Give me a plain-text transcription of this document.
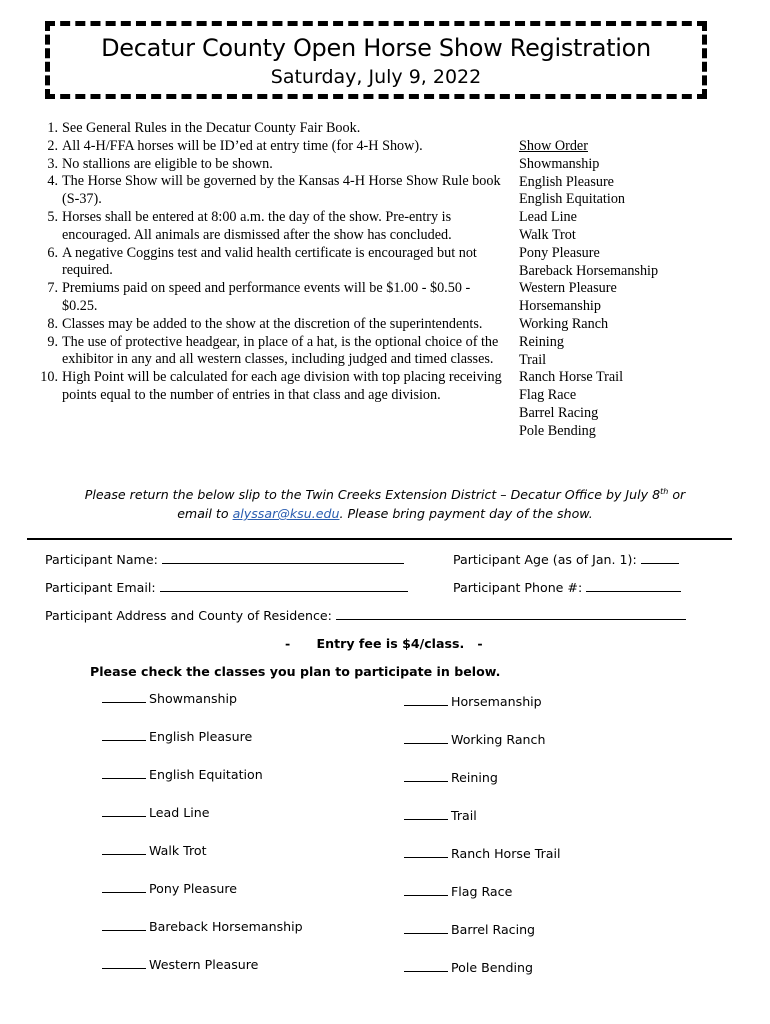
Decatur County Open Horse Show Registration
Saturday, July 9, 2022
1. See General Rules in the Decatur County Fair Book.
2. All 4-H/FFA horses will be ID’ed at entry time (for 4-H Show).
3. No stallions are eligible to be shown.
4. The Horse Show will be governed by the Kansas 4-H Horse Show Rule book (S-37).
5. Horses shall be entered at 8:00 a.m. the day of the show. Pre-entry is encouraged. All animals are dismissed after the show has concluded.
6. A negative Coggins test and valid health certificate is encouraged but not required.
7. Premiums paid on speed and performance events will be $1.00 - $0.50 - $0.25.
8. Classes may be added to the show at the discretion of the superintendents.
9. The use of protective headgear, in place of a hat, is the optional choice of the exhibitor in any and all western classes, including judged and timed classes.
10. High Point will be calculated for each age division with top placing receiving points equal to the number of entries in that class and age division.
Show Order
Showmanship
English Pleasure
English Equitation
Lead Line
Walk Trot
Pony Pleasure
Bareback Horsemanship
Western Pleasure
Horsemanship
Working Ranch
Reining
Trail
Ranch Horse Trail
Flag Race
Barrel Racing
Pole Bending
Please return the below slip to the Twin Creeks Extension District – Decatur Office by July 8th or
email to alyssar@ksu.edu. Please bring payment day of the show.
Participant Name:	Participant Age (as of Jan. 1):
Participant Email:	Participant Phone #:
Participant Address and County of Residence:
-      Entry fee is $4/class.   -
Please check the classes you plan to participate in below.
Showmanship
English Pleasure
English Equitation
Lead Line
Walk Trot
Pony Pleasure
Bareback Horsemanship
Western Pleasure
Horsemanship
Working Ranch
Reining
Trail
Ranch Horse Trail
Flag Race
Barrel Racing
Pole Bending
